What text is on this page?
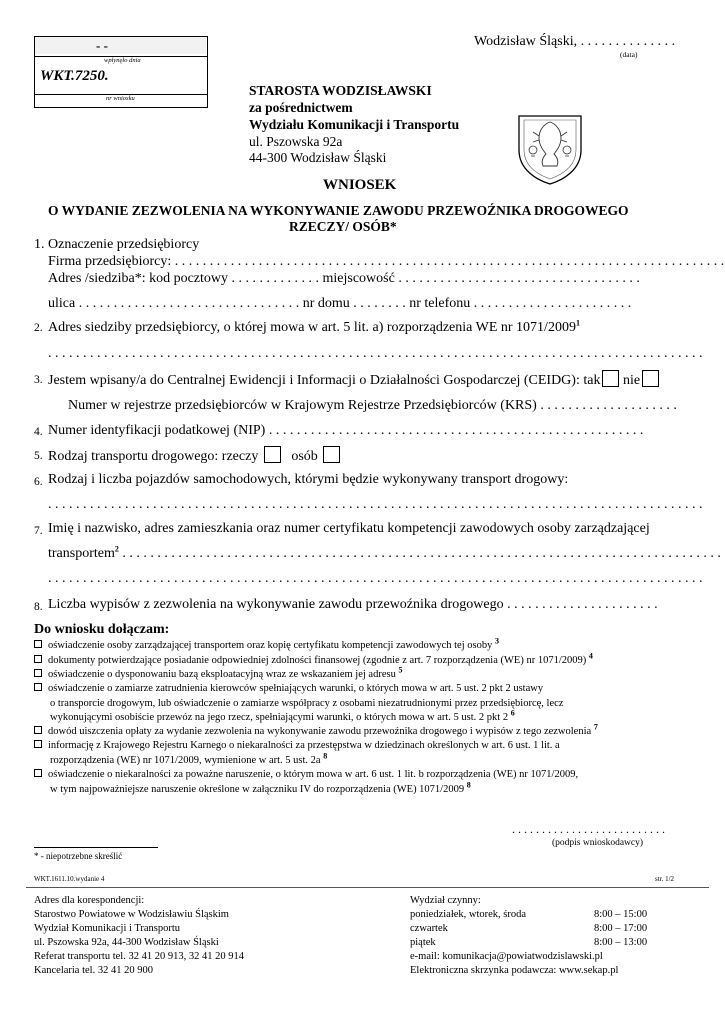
- -
wpłynęło dnia
WKT.7250.
nr wniosku
Wodzisław Śląski, . . . . . . . . . . . . . .
(data)
STAROSTA WODZISŁAWSKI
za pośrednictwem
Wydziału Komunikacji i Transportu
ul. Pszowska 92a
44-300 Wodzisław Śląski
WNIOSEK
O WYDANIE ZEZWOLENIA NA WYKONYWANIE ZAWODU PRZEWOŹNIKA DROGOWEGO
RZECZY/ OSÓB*
1. Oznaczenie przedsiębiorcy
Firma przedsiębiorcy: . . . . . . . . . . . . . . . . . . . . . . . . . . . . . . . . . . . . . . . . . . . . . . . . . . . . . . . . . . . . . . . . . . . . . . . . . . . . . . .
Adres /siedziba*: kod pocztowy . . . . . . . . . . . . . miejscowość . . . . . . . . . . . . . . . . . . . . . . . . . . . . . . . . . . .
ulica . . . . . . . . . . . . . . . . . . . . . . . . . . . . . . . . nr domu . . . . . . . . nr telefonu . . . . . . . . . . . . . . . . . . . . . . .
2. Adres siedziby przedsiębiorcy, o której mowa w art. 5 lit. a) rozporządzenia WE nr 1071/2009$^1$
. . . . . . . . . . . . . . . . . . . . . . . . . . . . . . . . . . . . . . . . . . . . . . . . . . . . . . . . . . . . . . . . . . . . . . . . . . . . . . . . . . . . . . . . . . . . . .
3. Jestem wpisany/a do Centralnej Ewidencji i Informacji o Działalności Gospodarczej (CEIDG): tak nie
Numer w rejestrze przedsiębiorców w Krajowym Rejestrze Przedsiębiorców (KRS) . . . . . . . . . . . . . . . . . . . .
4. Numer identyfikacji podatkowej (NIP) . . . . . . . . . . . . . . . . . . . . . . . . . . . . . . . . . . . . . . . . . . . . . . . . . . . . . .
5. Rodzaj transportu drogowego: rzeczy osób
6. Rodzaj i liczba pojazdów samochodowych, którymi będzie wykonywany transport drogowy:
. . . . . . . . . . . . . . . . . . . . . . . . . . . . . . . . . . . . . . . . . . . . . . . . . . . . . . . . . . . . . . . . . . . . . . . . . . . . . . . . . . . . . . . . . . . . . .
7. Imię i nazwisko, adres zamieszkania oraz numer certyfikatu kompetencji zawodowych osoby zarządzającej
transportem$^2$ . . . . . . . . . . . . . . . . . . . . . . . . . . . . . . . . . . . . . . . . . . . . . . . . . . . . . . . . . . . . . . . . . . . . . . . . . . . . . . . . . . . . . .
. . . . . . . . . . . . . . . . . . . . . . . . . . . . . . . . . . . . . . . . . . . . . . . . . . . . . . . . . . . . . . . . . . . . . . . . . . . . . . . . . . . . . . . . . . . . . .
8. Liczba wypisów z zezwolenia na wykonywanie zawodu przewoźnika drogowego . . . . . . . . . . . . . . . . . . . . . .
Do wniosku dołączam:
oświadczenie osoby zarządzającej transportem oraz kopię certyfikatu kompetencji zawodowych tej osoby $^3$
dokumenty potwierdzające posiadanie odpowiedniej zdolności finansowej (zgodnie z art. 7 rozporządzenia (WE) nr 1071/2009) $^4$
oświadczenie o dysponowaniu bazą eksploatacyjną wraz ze wskazaniem jej adresu $^5$
oświadczenie o zamiarze zatrudnienia kierowców spełniających warunki, o których mowa w art. 5 ust. 2 pkt 2 ustawy
o transporcie drogowym, lub oświadczenie o zamiarze współpracy z osobami niezatrudnionymi przez przedsiębiorcę, lecz
wykonującymi osobiście przewóz na jego rzecz, spełniającymi warunki, o których mowa w art. 5 ust. 2 pkt 2 $^6$
dowód uiszczenia opłaty za wydanie zezwolenia na wykonywanie zawodu przewoźnika drogowego i wypisów z tego zezwolenia $^7$
informację z Krajowego Rejestru Karnego o niekaralności za przestępstwa w dziedzinach określonych w art. 6 ust. 1 lit. a
rozporządzenia (WE) nr 1071/2009, wymienione w art. 5 ust. 2a $^8$
oświadczenie o niekaralności za poważne naruszenie, o którym mowa w art. 6 ust. 1 lit. b rozporządzenia (WE) nr 1071/2009,
w tym najpoważniejsze naruszenie określone w załączniku IV do rozporządzenia (WE) 1071/2009 $^8$
. . . . . . . . . . . . . . . . . . . . . . . . . .
(podpis wnioskodawcy)
* - niepotrzebne skreślić
WKT.1611.10.wydanie 4	str. 1/2
Adres dla korespondencji:
Starostwo Powiatowe w Wodzisławiu Śląskim
Wydział Komunikacji i Transportu
ul. Pszowska 92a, 44-300 Wodzisław Śląski
Referat transportu tel. 32 41 20 913, 32 41 20 914
Kancelaria tel. 32 41 20 900
Wydział czynny:
poniedziałek, wtorek, środa	8:00 – 15:00
czwartek	8:00 – 17:00
piątek	8:00 – 13:00
e-mail: komunikacja@powiatwodzislawski.pl
Elektroniczna skrzynka podawcza: www.sekap.pl
